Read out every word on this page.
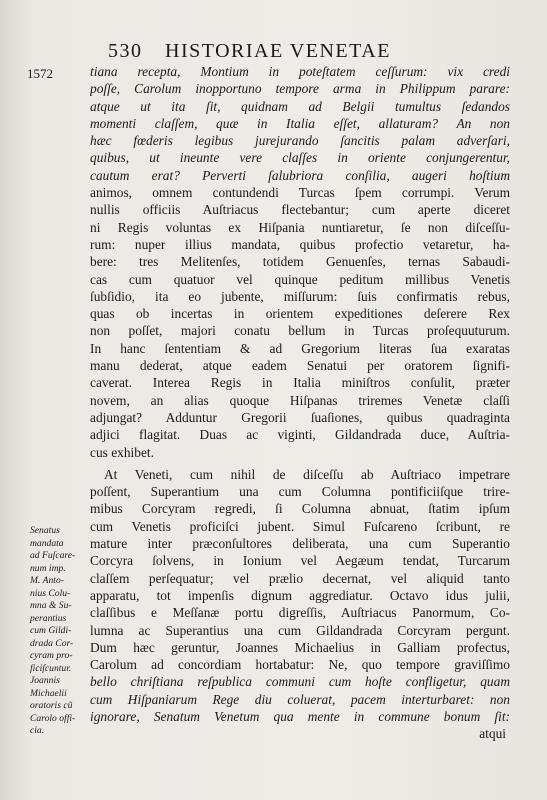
530 HISTORIAE VENETAE
1572	tiana recepta, Montium in poteſtatem ceſſurum: vix credi
poſſe, Carolum inopportuno tempore arma in Philippum parare:
atque ut ita ſit, quidnam ad Belgii tumultus ſedandos
momenti claſſem, quæ in Italia eſſet, allaturam? An non
hæc fœderis legibus jurejurando ſancitis palam adverſari,
quibus, ut ineunte vere claſſes in oriente conjungerentur,
cautum erat? Perverti ſalubriora conſilia, augeri hoſtium
animos, omnem contundendi Turcas ſpem corrumpi. Verum
nullis officiis Auſtriacus flectebantur; cum aperte diceret
ni Regis voluntas ex Hiſpania nuntiaretur, ſe non diſceſſu-
rum: nuper illius mandata, quibus profectio vetaretur, ha-
bere: tres Melitenſes, totidem Genuenſes, ternas Sabaudi-
cas cum quatuor vel quinque peditum millibus Venetis
ſubſidio, ita eo jubente, miſſurum: ſuis confirmatis rebus,
quas ob incertas in orientem expeditiones deſerere Rex
non poſſet, majori conatu bellum in Turcas proſequuturum.
In hanc ſententiam & ad Gregorium literas ſua exaratas
manu dederat, atque eadem Senatui per oratorem ſignifi-
caverat. Interea Regis in Italia miniſtros conſulit, præter
novem, an alias quoque Hiſpanas triremes Venetæ claſſi
adjungat? Adduntur Gregorii ſuaſiones, quibus quadraginta
adjici flagitat. Duas ac viginti, Gildandrada duce, Auſtria-
cus exhibet.
At Veneti, cum nihil de diſceſſu ab Auſtriaco impetrare
poſſent, Superantium una cum Columna pontificiiſque trire-
mibus Corcyram regredi, ſi Columna abnuat, ſtatim ipſum
cum Venetis proficiſci jubent. Simul Fuſcareno ſcribunt, re
mature inter præconſultores deliberata, una cum Superantio
Corcyra ſolvens, in Ionium vel Aegæum tendat, Turcarum
claſſem perſequatur; vel prælio decernat, vel aliquid tanto
apparatu, tot impenſis dignum aggrediatur. Octavo idus julii,
claſſibus e Meſſanæ portu digreſſis, Auſtriacus Panormum, Co-
lumna ac Superantius una cum Gildandrada Corcyram pergunt.
Dum hæc geruntur, Joannes Michaelius in Galliam profectus,
Carolum ad concordiam hortabatur: Ne, quo tempore graviſſimo
bello chriſtiana reſpublica communi cum hoſte confligetur, quam
cum Hiſpaniarum Rege diu coluerat, pacem interturbaret: non
ignorare, Senatum Venetum qua mente in commune bonum ſit:
atqui
Senatus
mandata
ad Fuſcare-
num imp.
M. Anto-
nius Colu-
mna & Su-
perantius
cum Gildi-
drada Cor-
cyram pro-
ficiſcuntur.
Joannis
Michaelii
oratoris cũ
Carolo offi-
cia.
